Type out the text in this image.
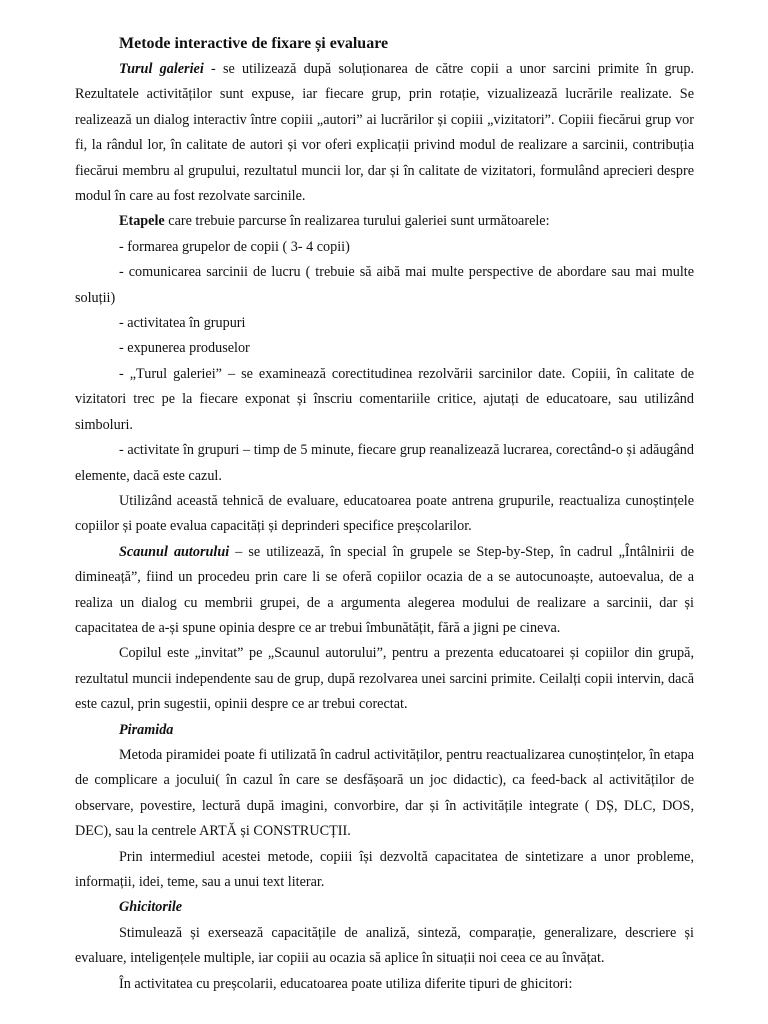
Metode interactive de fixare și evaluare

Turul galeriei - se utilizează după soluționarea de către copii a unor sarcini primite în grup. Rezultatele activităților sunt expuse, iar fiecare grup, prin rotație, vizualizează lucrările realizate. Se realizează un dialog interactiv între copiii „autori” ai lucrărilor și copiii „vizitatori”. Copiii fiecărui grup vor fi, la rândul lor, în calitate de autori și vor oferi explicații privind modul de realizare a sarcinii, contribuția fiecărui membru al grupului, rezultatul muncii lor, dar și în calitate de vizitatori, formulând aprecieri despre modul în care au fost rezolvate sarcinile.

Etapele care trebuie parcurse în realizarea turului galeriei sunt următoarele:

- formarea grupelor de copii ( 3- 4 copii)

- comunicarea sarcinii de lucru ( trebuie să aibă mai multe perspective de abordare sau mai multe soluții)

- activitatea în grupuri

- expunerea produselor

- „Turul galeriei” – se examinează corectitudinea rezolvării sarcinilor date. Copiii, în calitate de vizitatori trec pe la fiecare exponat și înscriu comentariile critice, ajutați de educatoare, sau utilizând simboluri.

- activitate în grupuri – timp de 5 minute, fiecare grup reanalizează lucrarea, corectând-o și adăugând elemente, dacă este cazul.

Utilizând această tehnică de evaluare, educatoarea poate antrena grupurile, reactualiza cunoștințele copiilor și poate evalua capacități și deprinderi specifice preșcolarilor.

Scaunul autorului – se utilizează, în special în grupele se Step-by-Step, în cadrul „Întâlnirii de dimineață”, fiind un procedeu prin care li se oferă copiilor ocazia de a se autocunoaște, autoevalua, de a realiza un dialog cu membrii grupei, de a argumenta alegerea modului de realizare a sarcinii, dar și capacitatea de a-și spune opinia despre ce ar trebui îmbunătățit, fără a jigni pe cineva.

Copilul este „invitat” pe „Scaunul autorului”, pentru a prezenta educatoarei și copiilor din grupă, rezultatul muncii independente sau de grup, după rezolvarea unei sarcini primite. Ceilalți copii intervin, dacă este cazul, prin sugestii, opinii despre ce ar trebui corectat.

Piramida

Metoda piramidei poate fi utilizată în cadrul activităților, pentru reactualizarea cunoștințelor, în etapa de complicare a jocului( în cazul în care se desfășoară un joc didactic), ca feed-back al activităților de observare, povestire, lectură după imagini, convorbire, dar și în activitățile integrate ( DȘ, DLC, DOS, DEC), sau la centrele ARTĂ și CONSTRUCȚII.

Prin intermediul acestei metode, copiii își dezvoltă capacitatea de sintetizare a unor probleme, informații, idei, teme, sau a unui text literar.

Ghicitorile

Stimulează și exersează capacitățile de analiză, sinteză, comparație, generalizare, descriere și evaluare, inteligențele multiple, iar copiii au ocazia să aplice în situații noi ceea ce au învățat.

În activitatea cu preșcolarii, educatoarea poate utiliza diferite tipuri de ghicitori:
